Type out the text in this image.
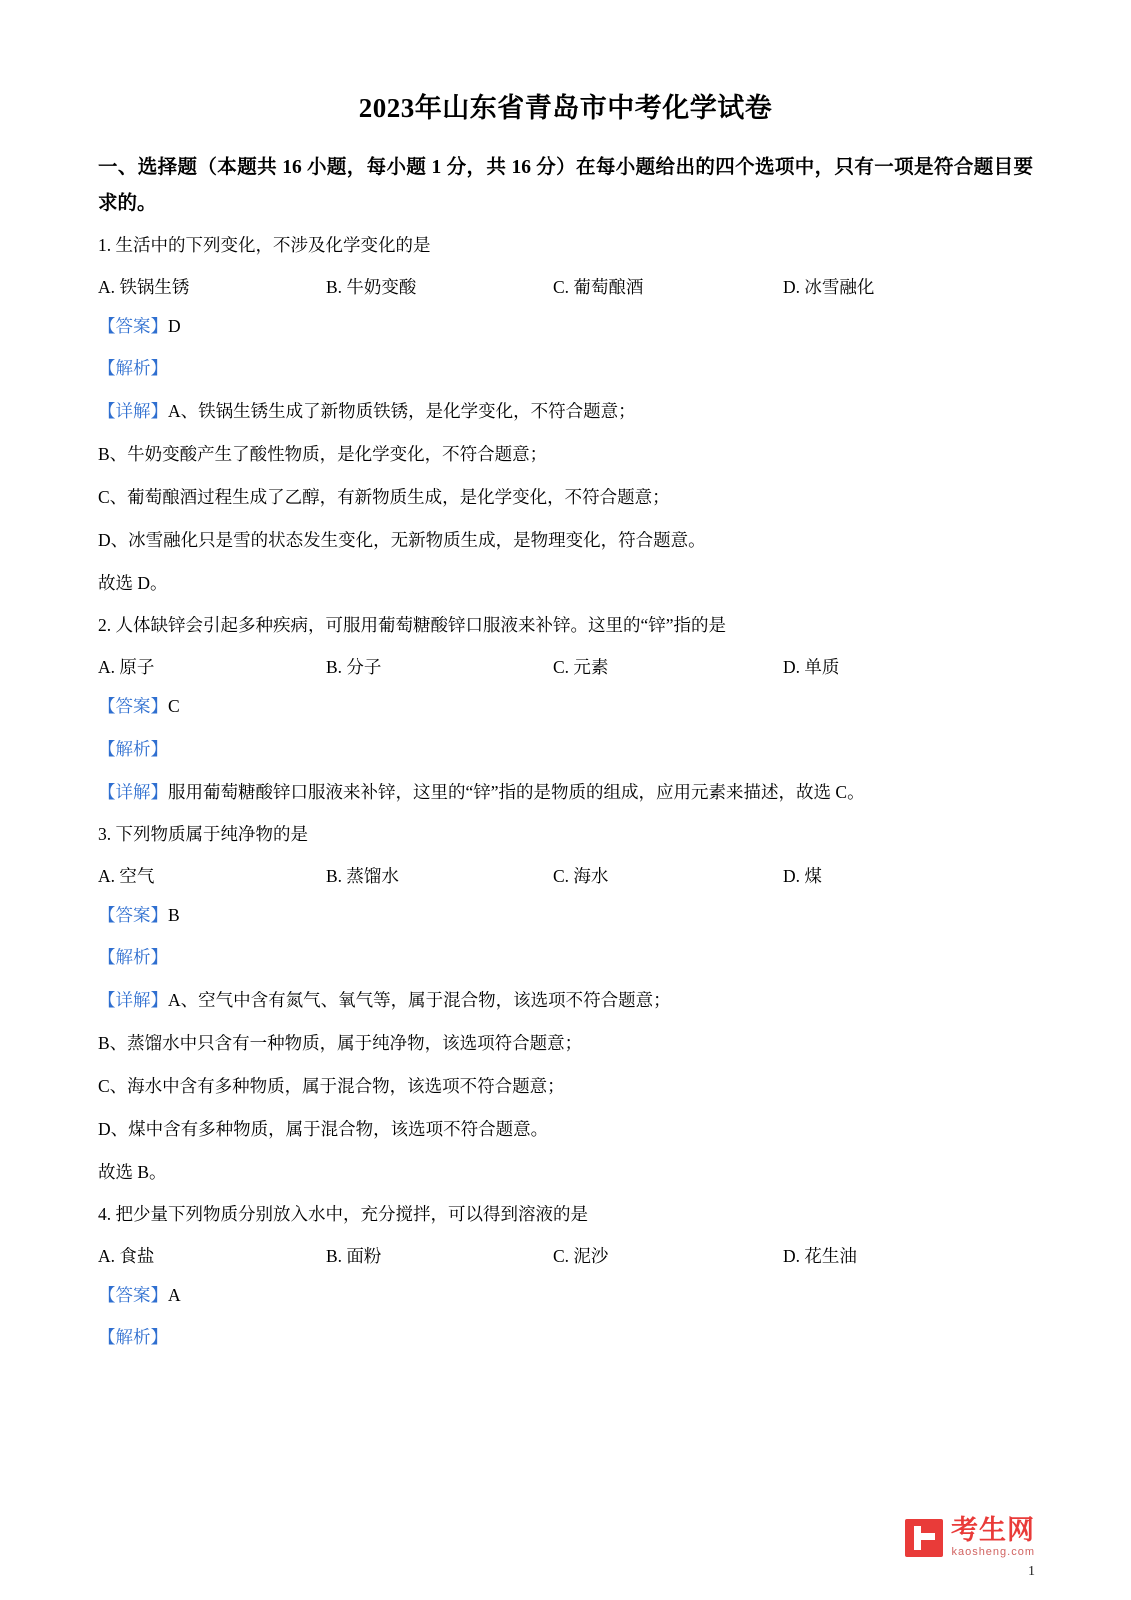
2023年山东省青岛市中考化学试卷

一、选择题（本题共 16 小题，每小题 1 分，共 16 分）在每小题给出的四个选项中，只有一项是符合题目要求的。

1. 生活中的下列变化，不涉及化学变化的是

A. 铁锅生锈	B. 牛奶变酸	C. 葡萄酿酒	D. 冰雪融化

【答案】D

【解析】

【详解】A、铁锅生锈生成了新物质铁锈，是化学变化，不符合题意；

B、牛奶变酸产生了酸性物质，是化学变化，不符合题意；

C、葡萄酿酒过程生成了乙醇，有新物质生成，是化学变化，不符合题意；

D、冰雪融化只是雪的状态发生变化，无新物质生成，是物理变化，符合题意。

故选 D。

2. 人体缺锌会引起多种疾病，可服用葡萄糖酸锌口服液来补锌。这里的“锌”指的是

A. 原子	B. 分子	C. 元素	D. 单质

【答案】C

【解析】

【详解】服用葡萄糖酸锌口服液来补锌，这里的“锌”指的是物质的组成，应用元素来描述，故选 C。

3. 下列物质属于纯净物的是

A. 空气	B. 蒸馏水	C. 海水	D. 煤

【答案】B

【解析】

【详解】A、空气中含有氮气、氧气等，属于混合物，该选项不符合题意；

B、蒸馏水中只含有一种物质，属于纯净物，该选项符合题意；

C、海水中含有多种物质，属于混合物，该选项不符合题意；

D、煤中含有多种物质，属于混合物，该选项不符合题意。

故选 B。

4. 把少量下列物质分别放入水中，充分搅拌，可以得到溶液的是

A. 食盐	B. 面粉	C. 泥沙	D. 花生油

【答案】A

【解析】

考生网
kaosheng.com
1
